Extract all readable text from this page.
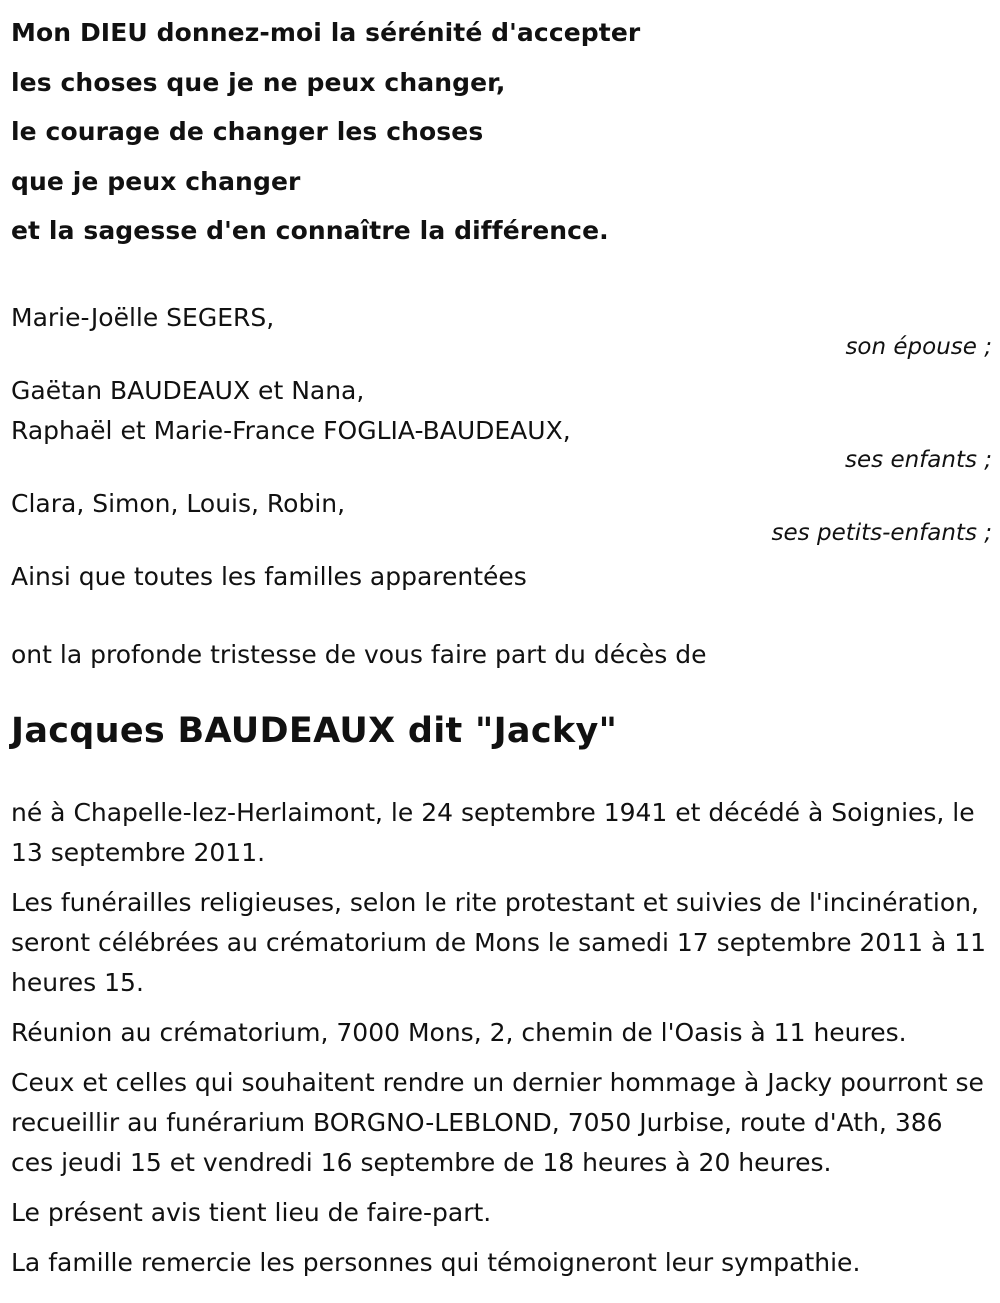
Mon DIEU donnez-moi la sérénité d'accepter
les choses que je ne peux changer,
le courage de changer les choses
que je peux changer
et la sagesse d'en connaître la différence.
Marie-Joëlle SEGERS,
son épouse ;
Gaëtan BAUDEAUX et Nana,
Raphaël et Marie-France FOGLIA-BAUDEAUX,
ses enfants ;
Clara, Simon, Louis, Robin,
ses petits-enfants ;
Ainsi que toutes les familles apparentées
ont la profonde tristesse de vous faire part du décès de
Jacques BAUDEAUX dit "Jacky"

né à Chapelle-lez-Herlaimont, le 24 septembre 1941 et décédé à Soignies, le 13 septembre 2011.

Les funérailles religieuses, selon le rite protestant et suivies de l'incinération, seront célébrées au crématorium de Mons le samedi 17 septembre 2011 à 11 heures 15.

Réunion au crématorium, 7000 Mons, 2, chemin de l'Oasis à 11 heures.

Ceux et celles qui souhaitent rendre un dernier hommage à Jacky pourront se recueillir au funérarium BORGNO-LEBLOND, 7050 Jurbise, route d'Ath, 386 ces jeudi 15 et vendredi 16 septembre de 18 heures à 20 heures.

Le présent avis tient lieu de faire-part.

La famille remercie les personnes qui témoigneront leur sympathie.
